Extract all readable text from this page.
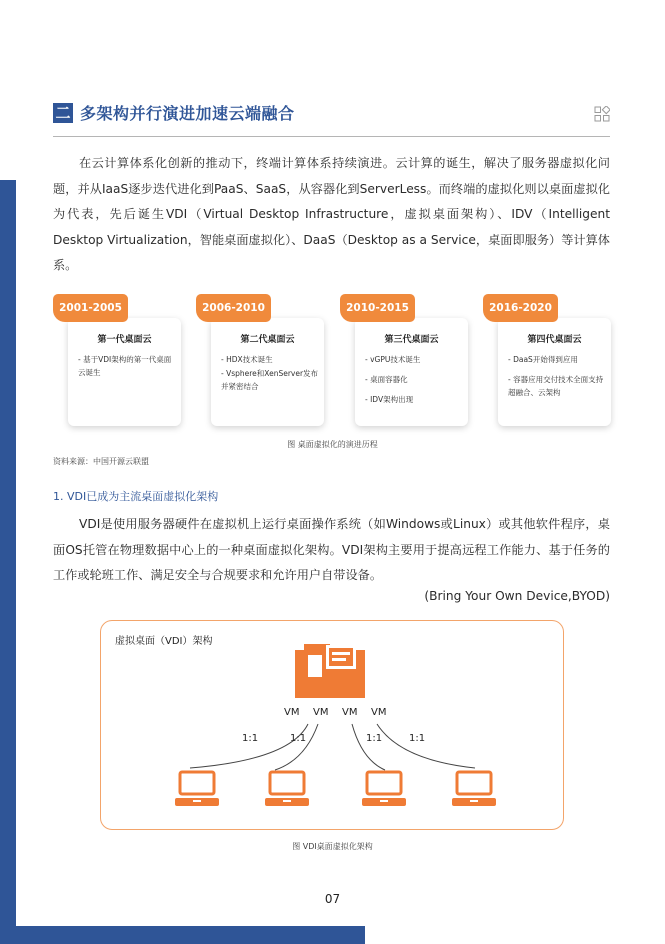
二 多架构并行演进加速云端融合

在云计算体系化创新的推动下，终端计算体系持续演进。云计算的诞生，解决了服务器虚拟化问题，并从IaaS逐步迭代进化到PaaS、SaaS，从容器化到ServerLess。而终端的虚拟化则以桌面虚拟化为代表，先后诞生VDI（Virtual Desktop Infrastructure，虚拟桌面架构）、IDV（Intelligent Desktop Virtualization，智能桌面虚拟化）、DaaS（Desktop as a Service，桌面即服务）等计算体系。

第一代桌面云
- 基于VDI架构的第一代桌面云诞生
第二代桌面云
- HDX技术诞生
- Vsphere和XenServer发布并紧密结合
第三代桌面云
- vGPU技术诞生
- 桌面容器化
- IDV架构出现
第四代桌面云
- DaaS开始得到应用
- 容器应用交付技术全面支持超融合、云架构
2001-2005	2006-2010	2010-2015	2016-2020
图 桌面虚拟化的演进历程
资料来源：中国开源云联盟
1. VDI已成为主流桌面虚拟化架构

VDI是使用服务器硬件在虚拟机上运行桌面操作系统（如Windows或Linux）或其他软件程序，桌面OS托管在物理数据中心上的一种桌面虚拟化架构。VDI架构主要用于提高远程工作能力、基于任务的工作或轮班工作、满足安全与合规要求和允许用户自带设备。

(Bring Your Own Device,BYOD)
虚拟桌面（VDI）架构
VM VM VM VM
1:1	1:1	1:1	1:1
图 VDI桌面虚拟化架构
07
